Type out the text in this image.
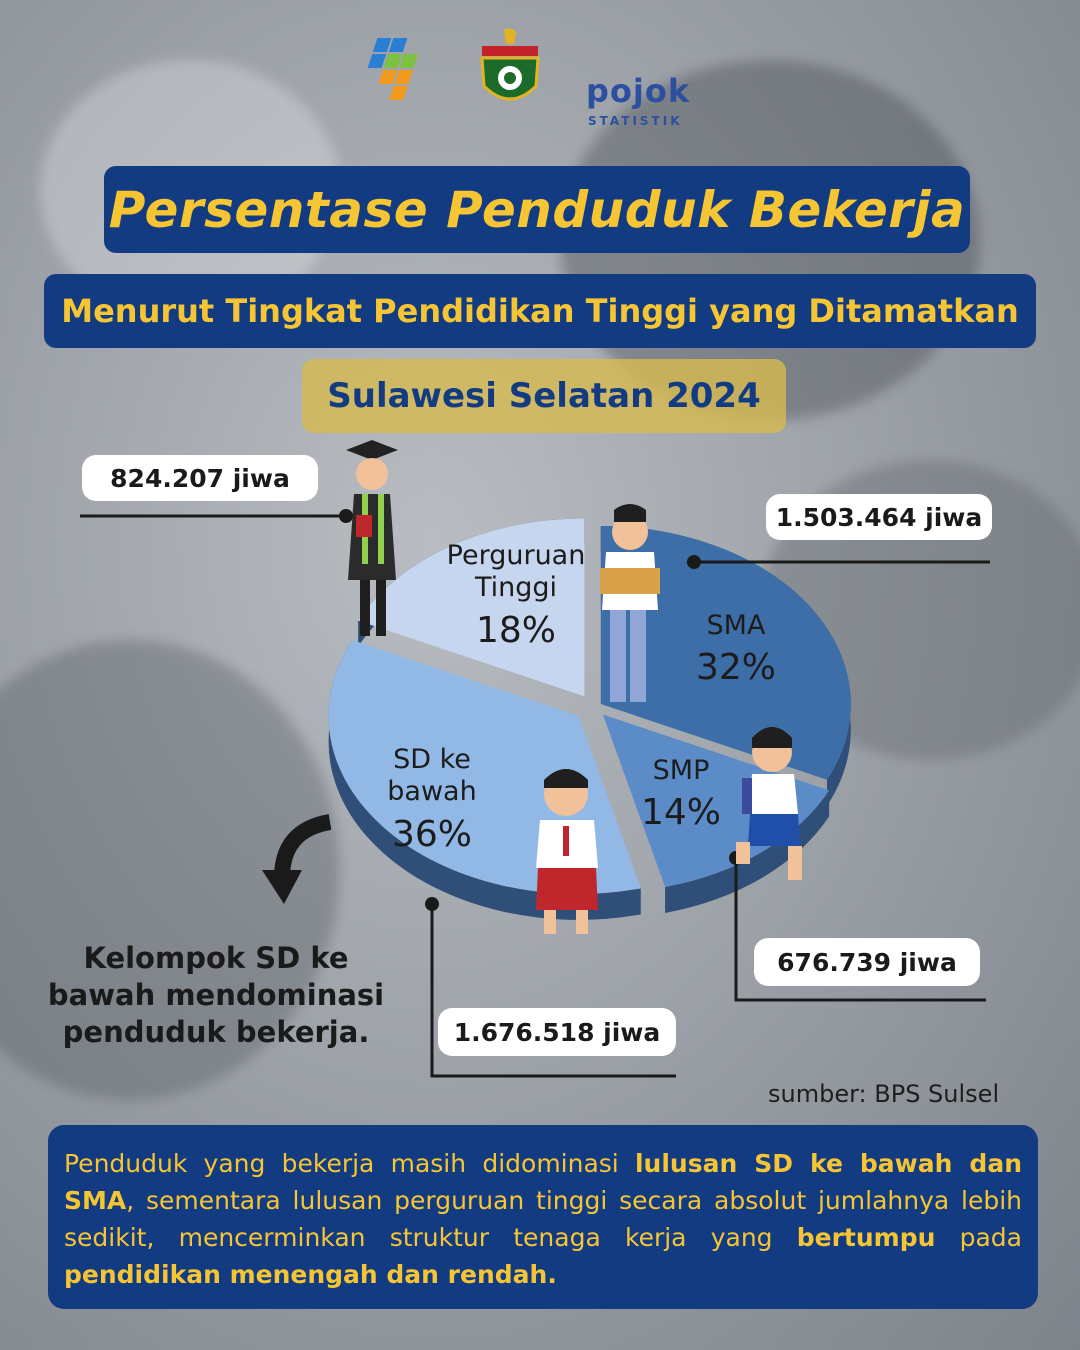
pojok
STATISTIK
Persentase Penduduk Bekerja
Menurut Tingkat Pendidikan Tinggi yang Ditamatkan
Sulawesi Selatan 2024
SMA
32%
SMP
14%
SD ke
bawah
36%
Perguruan
Tinggi
18%
824.207 jiwa
1.503.464 jiwa
676.739 jiwa
1.676.518 jiwa
Kelompok SD ke bawah mendominasi penduduk bekerja.
sumber: BPS Sulsel
Penduduk yang bekerja masih didominasi lulusan SD ke bawah dan SMA, sementara lulusan perguruan tinggi secara absolut jumlahnya lebih sedikit, mencerminkan struktur tenaga kerja yang bertumpu pada pendidikan menengah dan rendah.
